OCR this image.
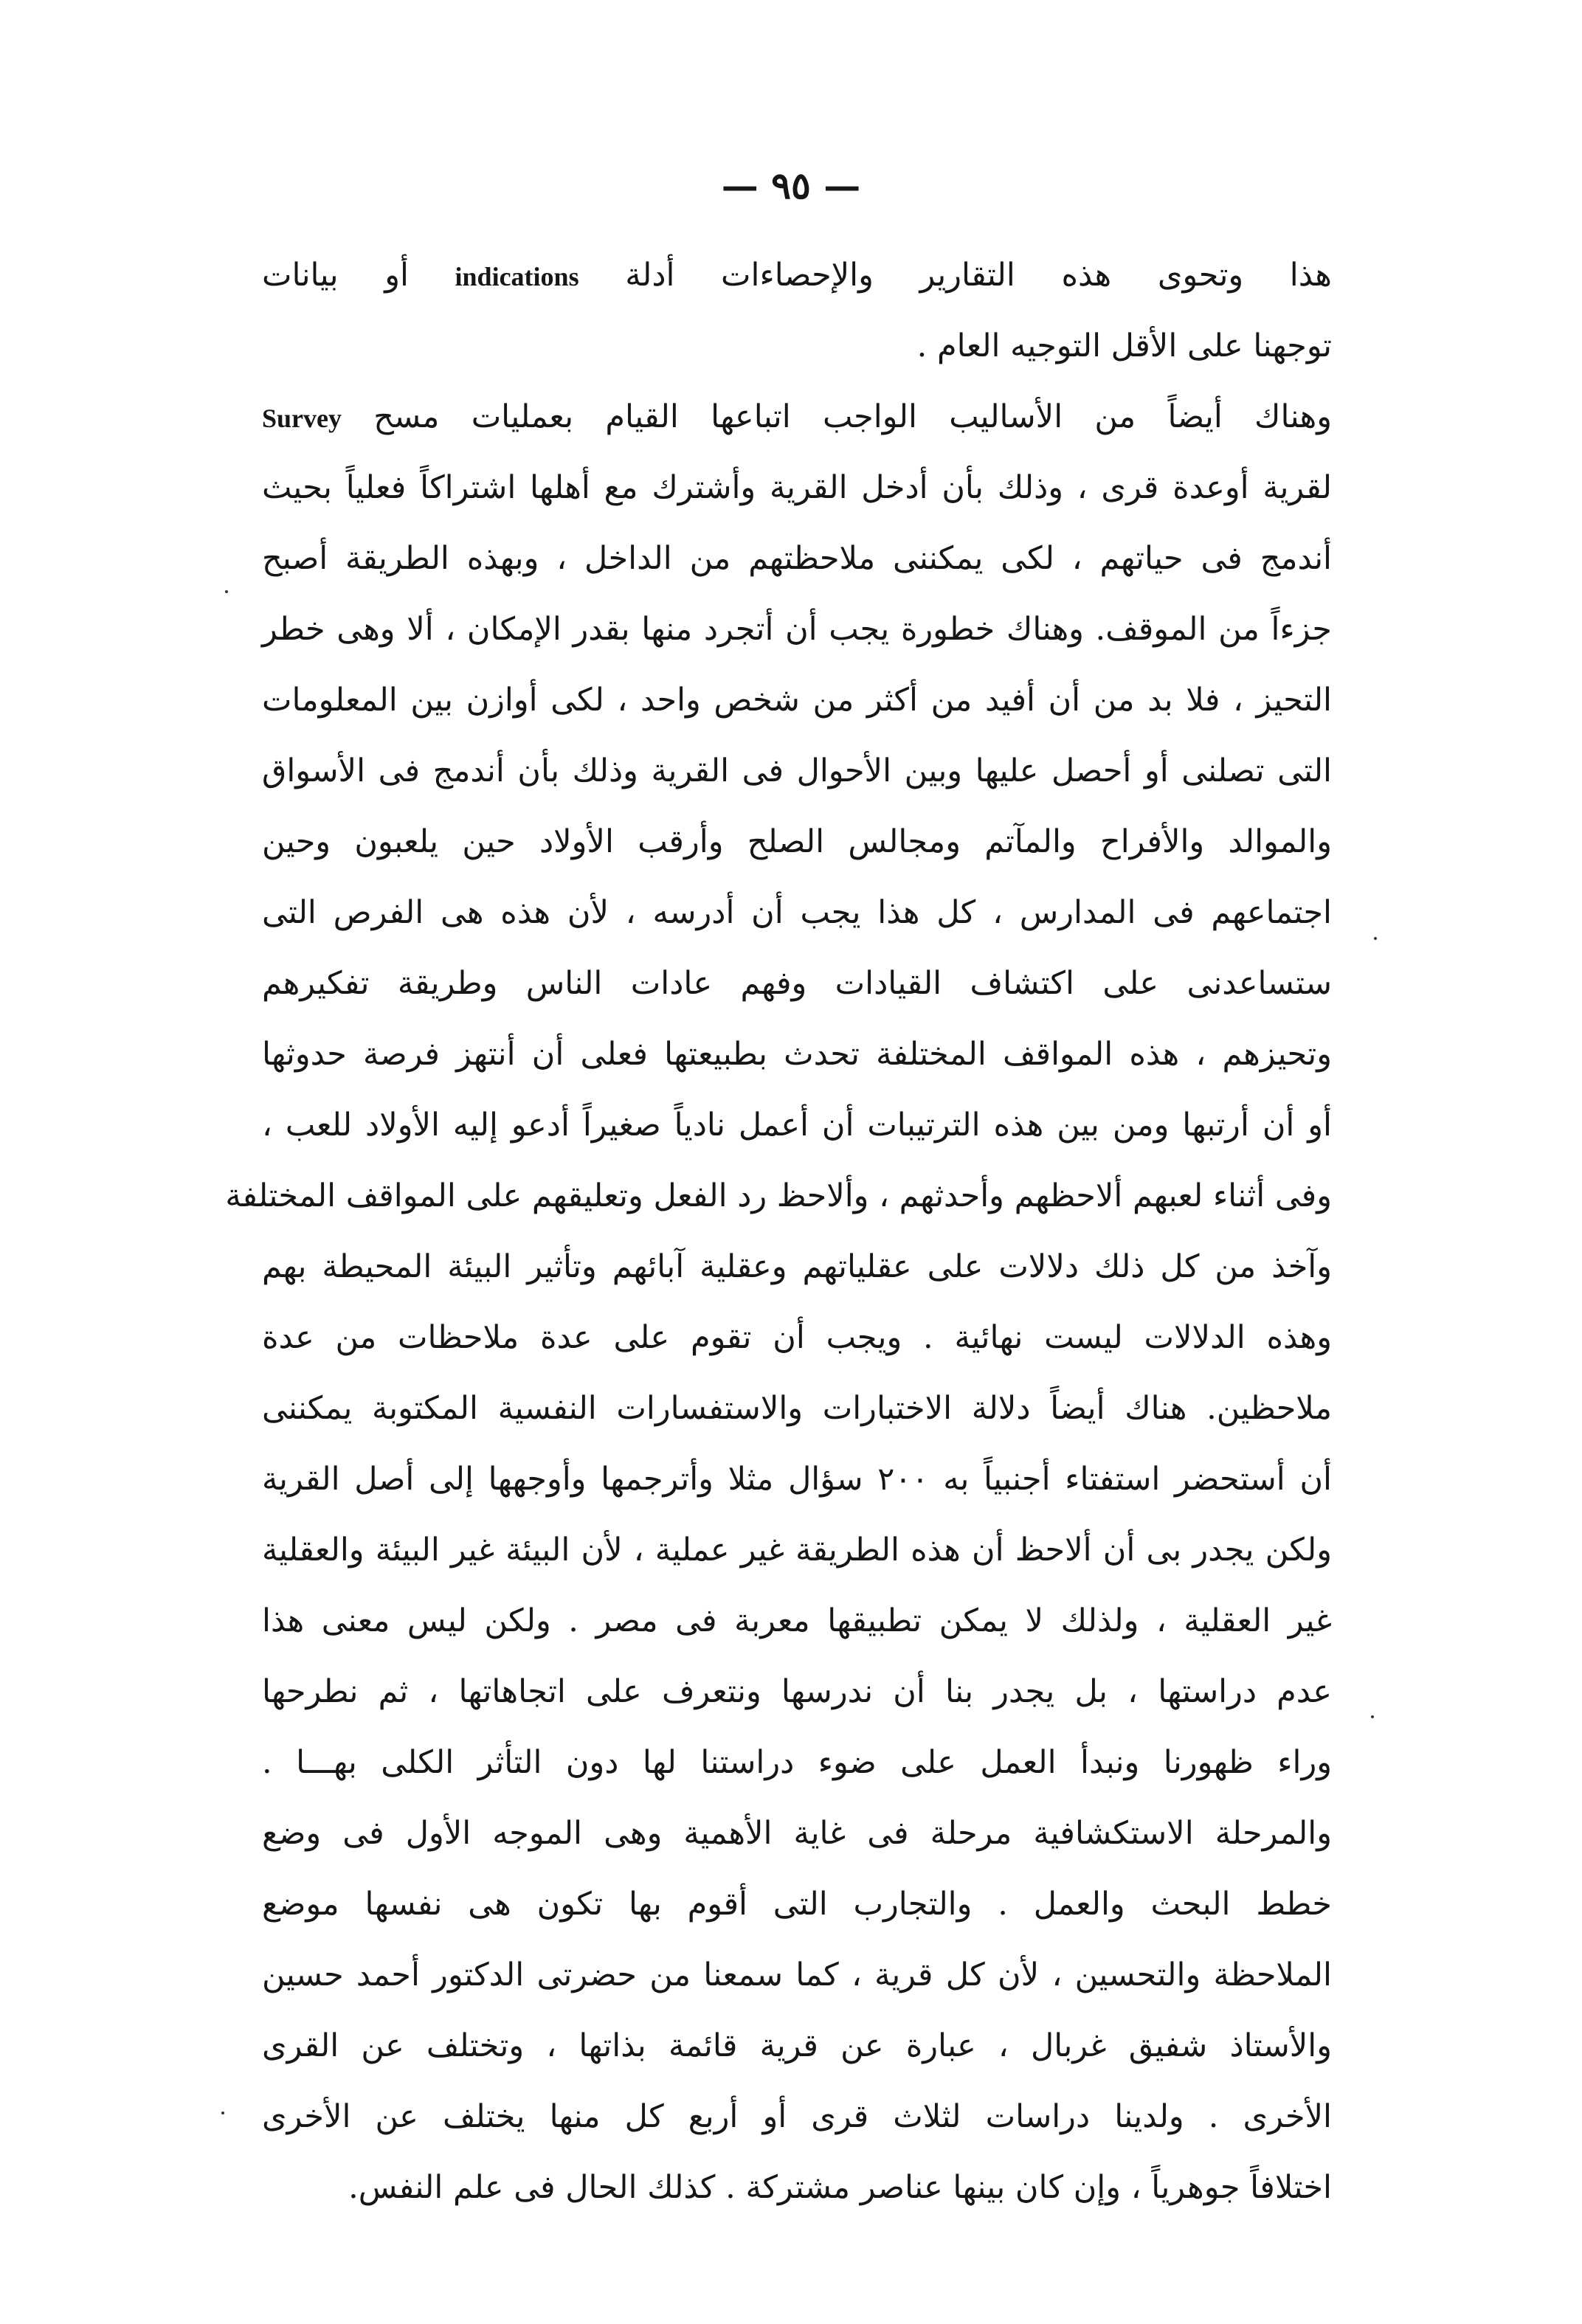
— ٩٥ —
هذا وتحوى هذه التقارير والإحصاءات أدلة indications أو بيانات
توجهنا على الأقل التوجيه العام .
وهناك أيضاً من الأساليب الواجب اتباعها القيام بعمليات مسح Survey
لقرية أوعدة قرى ، وذلك بأن أدخل القرية وأشترك مع أهلها اشتراكاً فعلياً بحيث
أندمج فى حياتهم ، لكى يمكننى ملاحظتهم من الداخل ، وبهذه الطريقة أصبح
جزءاً من الموقف. وهناك خطورة يجب أن أتجرد منها بقدر الإمكان ، ألا وهى خطر
التحيز ، فلا بد من أن أفيد من أكثر من شخص واحد ، لكى أوازن بين المعلومات
التى تصلنى أو أحصل عليها وبين الأحوال فى القرية وذلك بأن أندمج فى الأسواق
والموالد والأفراح والمآتم ومجالس الصلح وأرقب الأولاد حين يلعبون وحين
اجتماعهم فى المدارس ، كل هذا يجب أن أدرسه ، لأن هذه هى الفرص التى
ستساعدنى على اكتشاف القيادات وفهم عادات الناس وطريقة تفكيرهم
وتحيزهم ، هذه المواقف المختلفة تحدث بطبيعتها فعلى أن أنتهز فرصة حدوثها
أو أن أرتبها ومن بين هذه الترتيبات أن أعمل نادياً صغيراً أدعو إليه الأولاد للعب ،
وفى أثناء لعبهم ألاحظهم وأحدثهم ، وألاحظ رد الفعل وتعليقهم على المواقف المختلفة
وآخذ من كل ذلك دلالات على عقلياتهم وعقلية آبائهم وتأثير البيئة المحيطة بهم
وهذه الدلالات ليست نهائية . ويجب أن تقوم على عدة ملاحظات من عدة
ملاحظين. هناك أيضاً دلالة الاختبارات والاستفسارات النفسية المكتوبة يمكننى
أن أستحضر استفتاء أجنبياً به ٢٠٠ سؤال مثلا وأترجمها وأوجهها إلى أصل القرية
ولكن يجدر بى أن ألاحظ أن هذه الطريقة غير عملية ، لأن البيئة غير البيئة والعقلية
غير العقلية ، ولذلك لا يمكن تطبيقها معربة فى مصر . ولكن ليس معنى هذا
عدم دراستها ، بل يجدر بنا أن ندرسها ونتعرف على اتجاهاتها ، ثم نطرحها
وراء ظهورنا ونبدأ العمل على ضوء دراستنا لها دون التأثر الكلى بهـــا .
والمرحلة الاستكشافية مرحلة فى غاية الأهمية وهى الموجه الأول فى وضع
خطط البحث والعمل . والتجارب التى أقوم بها تكون هى نفسها موضع
الملاحظة والتحسين ، لأن كل قرية ، كما سمعنا من حضرتى الدكتور أحمد حسين
والأستاذ شفيق غربال ، عبارة عن قرية قائمة بذاتها ، وتختلف عن القرى
الأخرى . ولدينا دراسات لثلاث قرى أو أربع كل منها يختلف عن الأخرى
اختلافاً جوهرياً ، وإن كان بينها عناصر مشتركة . كذلك الحال فى علم النفس.
